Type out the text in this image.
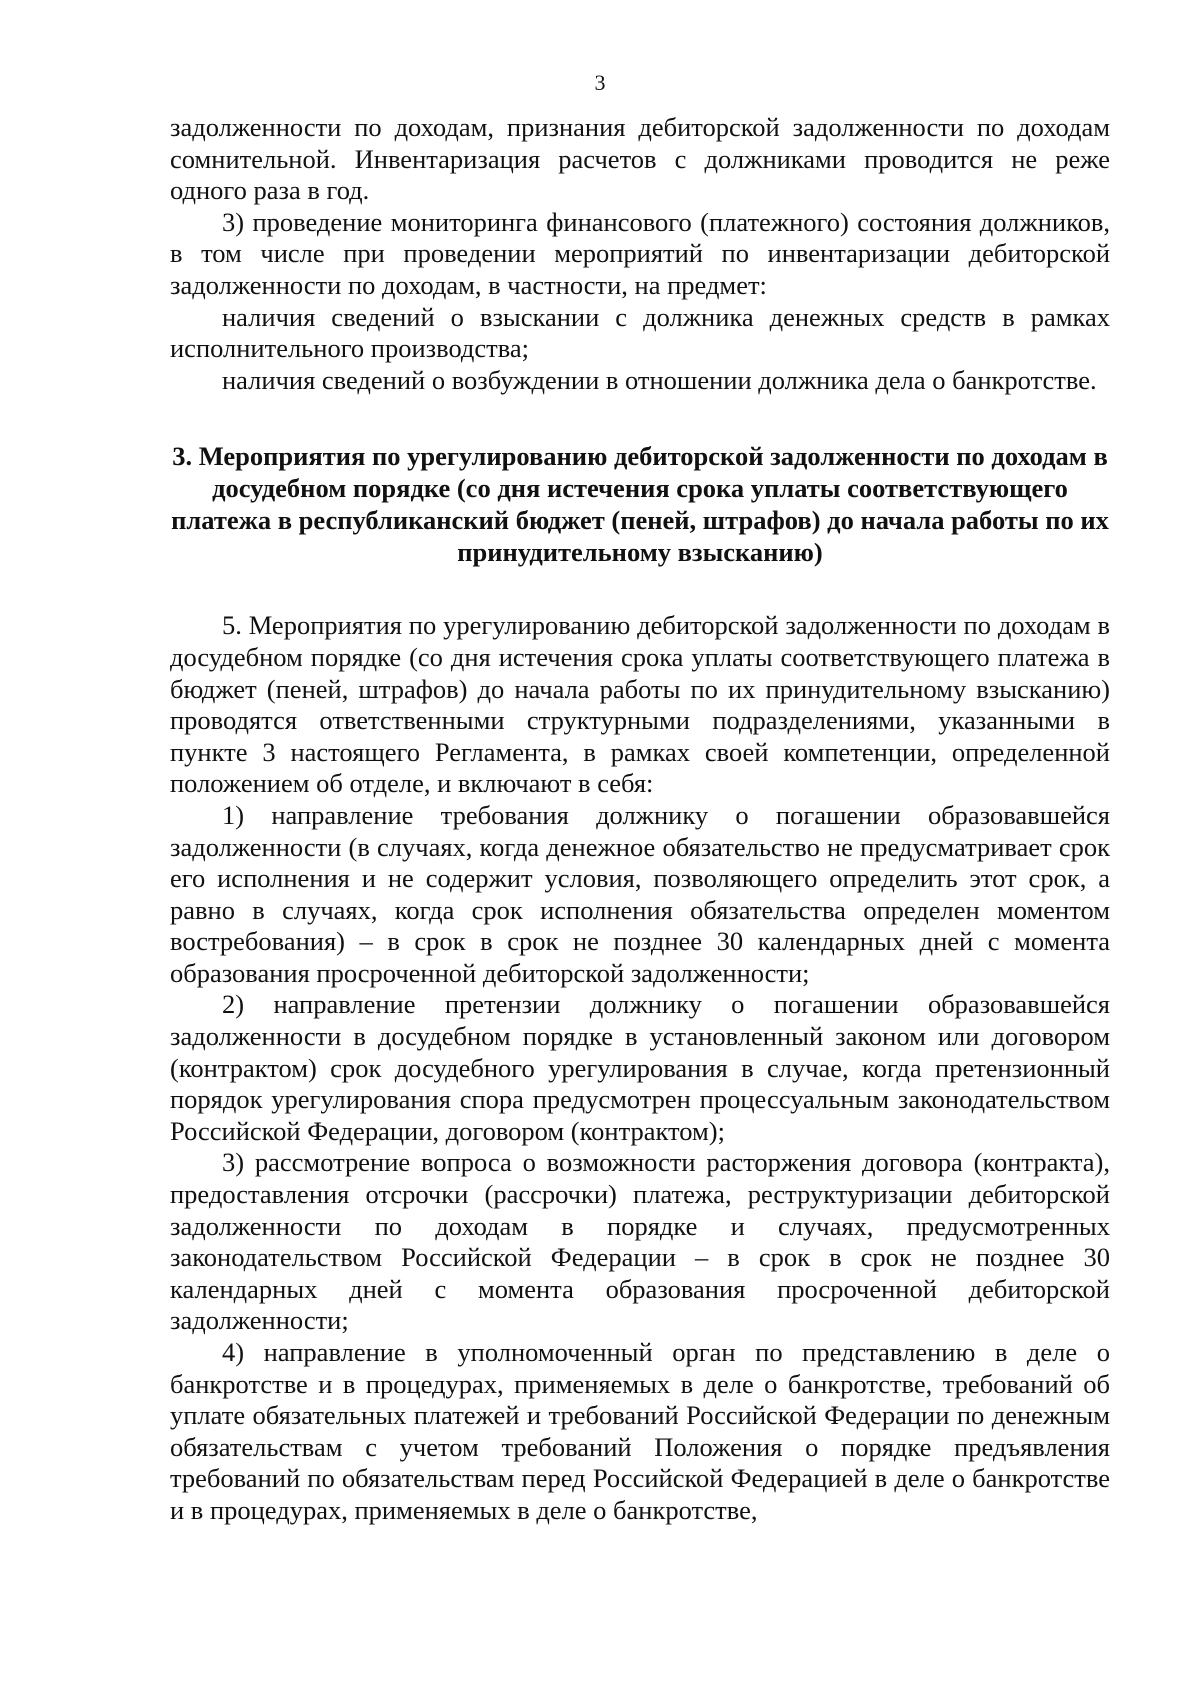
3

задолженности по доходам, признания дебиторской задолженности по доходам сомнительной. Инвентаризация расчетов с должниками проводится не реже одного раза в год.

3) проведение мониторинга финансового (платежного) состояния должников, в том числе при проведении мероприятий по инвентаризации дебиторской задолженности по доходам, в частности, на предмет:

наличия сведений о взыскании с должника денежных средств в рамках исполнительного производства;

наличия сведений о возбуждении в отношении должника дела о банкротстве.

3. Мероприятия по урегулированию дебиторской задолженности по доходам в досудебном порядке (со дня истечения срока уплаты соответствующего платежа в республиканский бюджет (пеней, штрафов) до начала работы по их принудительному взысканию)

5. Мероприятия по урегулированию дебиторской задолженности по доходам в досудебном порядке (со дня истечения срока уплаты соответствующего платежа в бюджет (пеней, штрафов) до начала работы по их принудительному взысканию) проводятся ответственными структурными подразделениями, указанными в пункте 3 настоящего Регламента, в рамках своей компетенции, определенной положением об отделе, и включают в себя:

1) направление требования должнику о погашении образовавшейся задолженности (в случаях, когда денежное обязательство не предусматривает срок его исполнения и не содержит условия, позволяющего определить этот срок, а равно в случаях, когда срок исполнения обязательства определен моментом востребования) – в срок в срок не позднее 30 календарных дней с момента образования просроченной дебиторской задолженности;

2) направление претензии должнику о погашении образовавшейся задолженности в досудебном порядке в установленный законом или договором (контрактом) срок досудебного урегулирования в случае, когда претензионный порядок урегулирования спора предусмотрен процессуальным законодательством Российской Федерации, договором (контрактом);

3) рассмотрение вопроса о возможности расторжения договора (контракта), предоставления отсрочки (рассрочки) платежа, реструктуризации дебиторской задолженности по доходам в порядке и случаях, предусмотренных законодательством Российской Федерации – в срок в срок не позднее 30 календарных дней с момента образования просроченной дебиторской задолженности;

4) направление в уполномоченный орган по представлению в деле о банкротстве и в процедурах, применяемых в деле о банкротстве, требований об уплате обязательных платежей и требований Российской Федерации по денежным обязательствам с учетом требований Положения о порядке предъявления требований по обязательствам перед Российской Федерацией в деле о банкротстве и в процедурах, применяемых в деле о банкротстве,
